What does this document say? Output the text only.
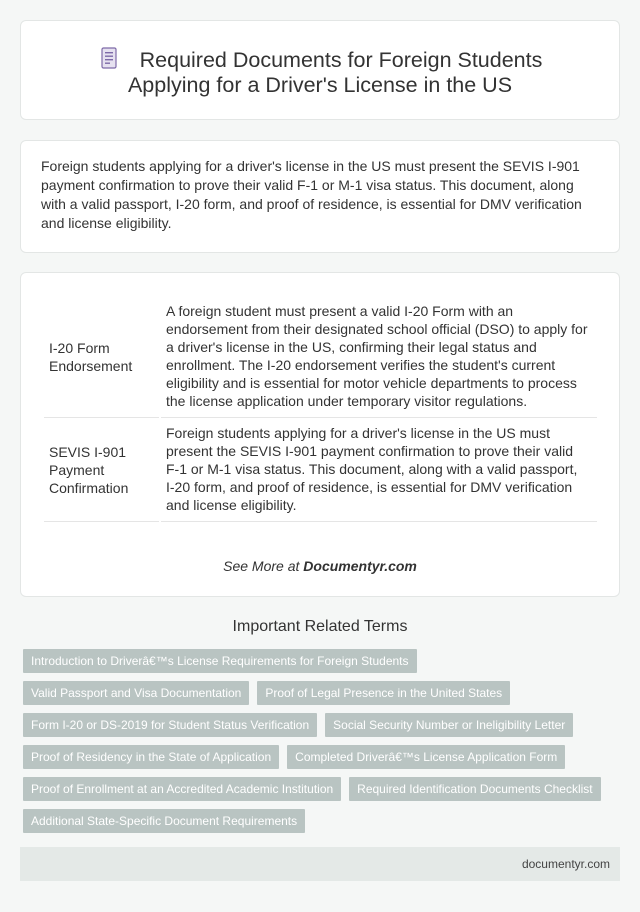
Required Documents for Foreign Students Applying for a Driver's License in the US

Foreign students applying for a driver's license in the US must present the SEVIS I-901 payment confirmation to prove their valid F-1 or M-1 visa status. This document, along with a valid passport, I-20 form, and proof of residence, is essential for DMV verification and license eligibility.

I-20 Form Endorsement	A foreign student must present a valid I-20 Form with an endorsement from their designated school official (DSO) to apply for a driver's license in the US, confirming their legal status and enrollment. The I-20 endorsement verifies the student's current eligibility and is essential for motor vehicle departments to process the license application under temporary visitor regulations.
SEVIS I-901 Payment Confirmation	Foreign students applying for a driver's license in the US must present the SEVIS I-901 payment confirmation to prove their valid F-1 or M-1 visa status. This document, along with a valid passport, I-20 form, and proof of residence, is essential for DMV verification and license eligibility.
See More at Documentyr.com
Important Related Terms
Introduction to Driverâ€™s License Requirements for Foreign Students
Valid Passport and Visa Documentation	Proof of Legal Presence in the United States
Form I-20 or DS-2019 for Student Status Verification	Social Security Number or Ineligibility Letter
Proof of Residency in the State of Application	Completed Driverâ€™s License Application Form
Proof of Enrollment at an Accredited Academic Institution	Required Identification Documents Checklist
Additional State-Specific Document Requirements
documentyr.com
